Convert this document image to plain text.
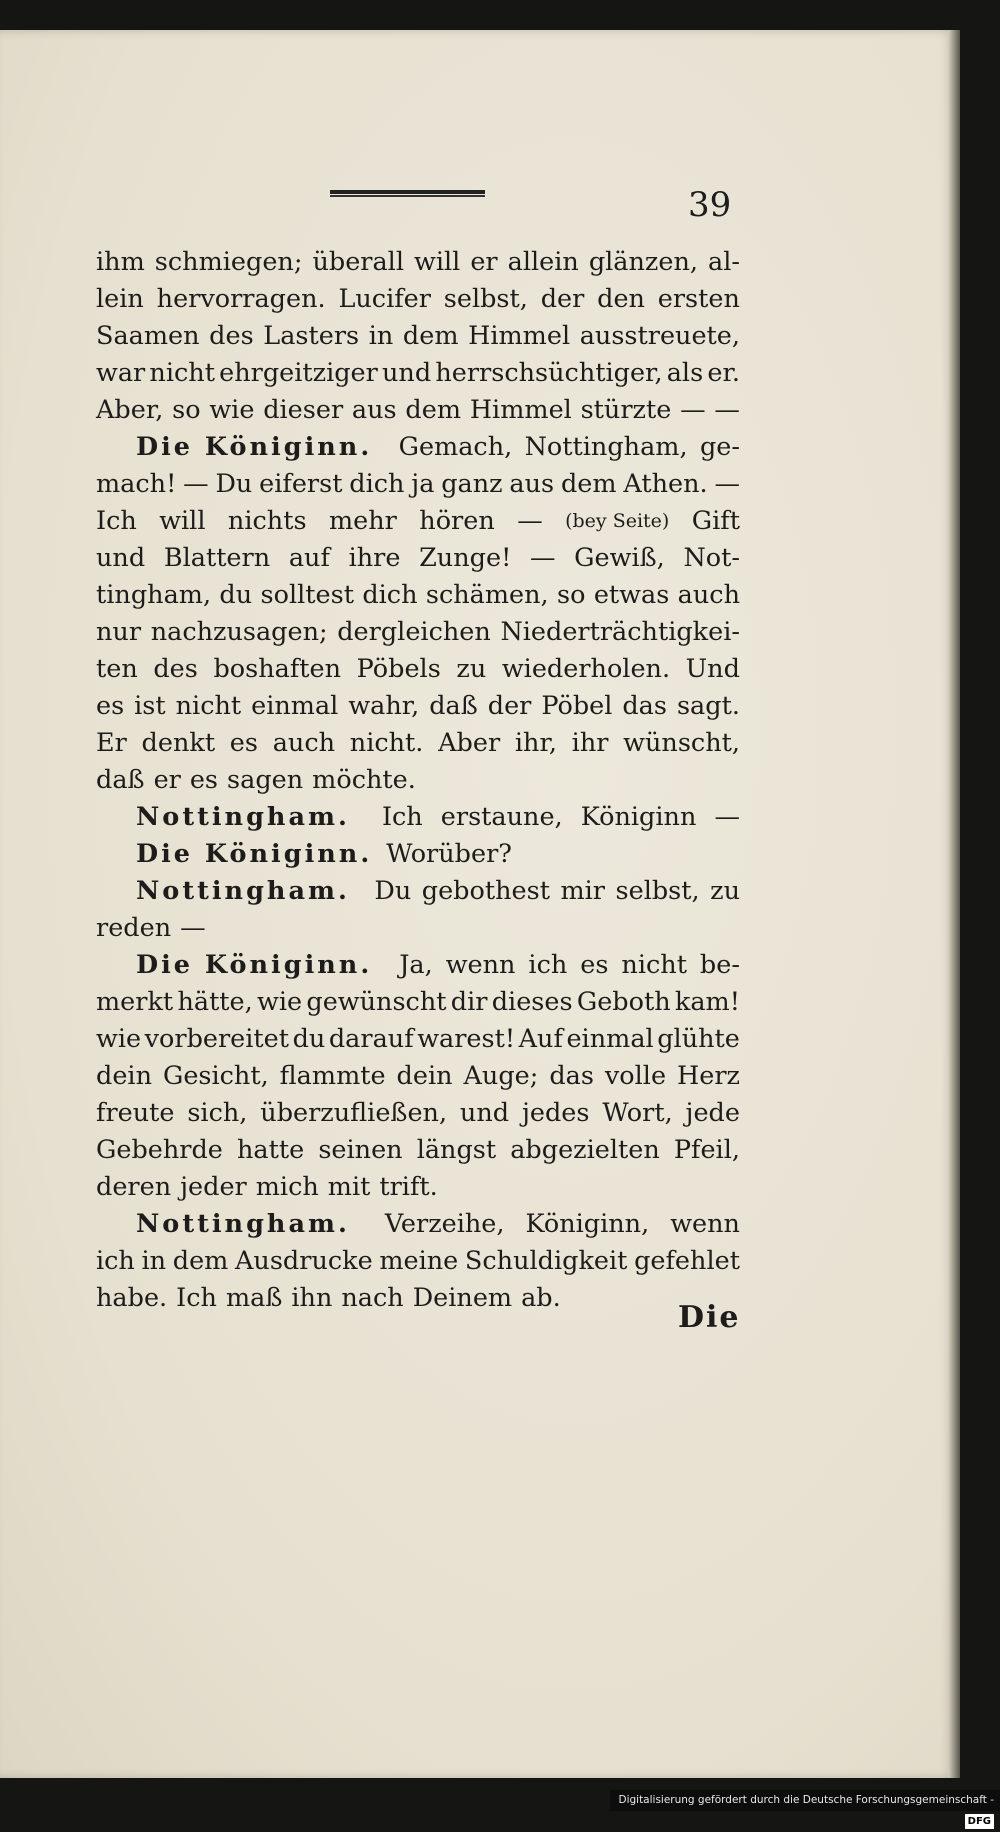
39
ihm schmiegen; überall will er allein glänzen, al-
lein hervorragen. Lucifer selbst, der den ersten
Saamen des Lasters in dem Himmel ausstreuete,
war nicht ehrgeitziger und herrschsüchtiger, als er.
Aber, so wie dieser aus dem Himmel stürzte — —
Die Königinn. Gemach, Nottingham, ge-
mach! — Du eiferst dich ja ganz aus dem Athen. —
Ich will nichts mehr hören — (bey Seite) Gift
und Blattern auf ihre Zunge! — Gewiß, Not-
tingham, du solltest dich schämen, so etwas auch
nur nachzusagen; dergleichen Niederträchtigkei-
ten des boshaften Pöbels zu wiederholen. Und
es ist nicht einmal wahr, daß der Pöbel das sagt.
Er denkt es auch nicht. Aber ihr, ihr wünscht,
daß er es sagen möchte.
Nottingham. Ich erstaune, Königinn —
Die Königinn. Worüber?
Nottingham. Du gebothest mir selbst, zu
reden —
Die Königinn. Ja, wenn ich es nicht be-
merkt hätte, wie gewünscht dir dieses Geboth kam!
wie vorbereitet du darauf warest! Auf einmal glühte
dein Gesicht, flammte dein Auge; das volle Herz
freute sich, überzufließen, und jedes Wort, jede
Gebehrde hatte seinen längst abgezielten Pfeil,
deren jeder mich mit trift.
Nottingham. Verzeihe, Königinn, wenn
ich in dem Ausdrucke meine Schuldigkeit gefehlet
habe. Ich maß ihn nach Deinem ab.
Die
Digitalisierung gefördert durch die Deutsche Forschungsgemeinschaft -DFG
